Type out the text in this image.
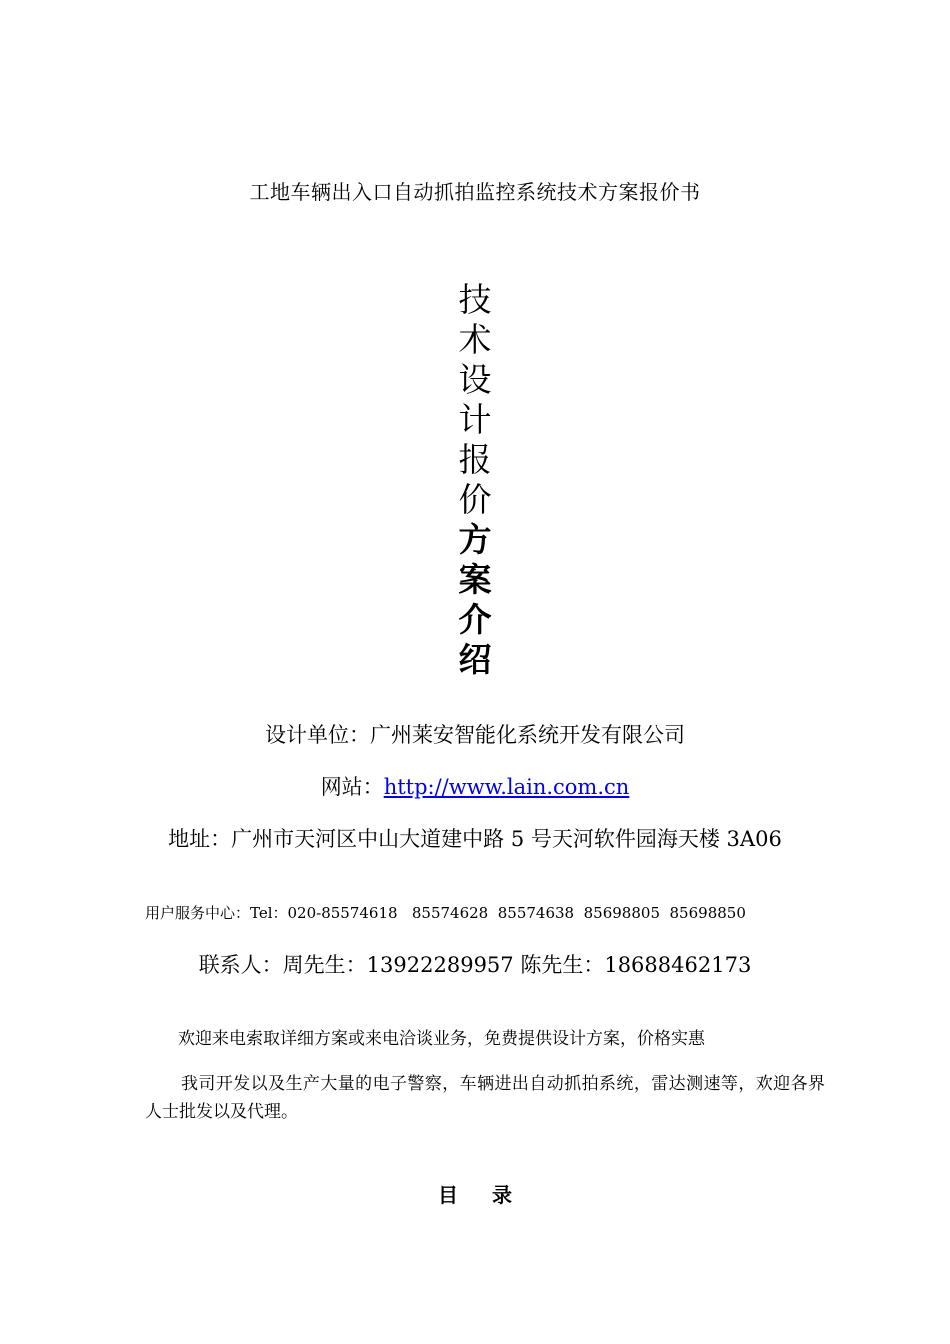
工地车辆出入口自动抓拍监控系统技术方案报价书
技
术
设
计
报
价
方
案
介
绍
设计单位：广州莱安智能化系统开发有限公司
网站：http://www.lain.com.cn
地址：广州市天河区中山大道建中路 5 号天河软件园海天楼 3A06
用户服务中心：Tel：020-85574618   85574628  85574638  85698805  85698850
联系人：周先生：13922289957 陈先生：18688462173
欢迎来电索取详细方案或来电洽谈业务，免费提供设计方案，价格实惠
我司开发以及生产大量的电子警察，车辆进出自动抓拍系统，雷达测速等，欢迎各界人士批发以及代理。
目 录
